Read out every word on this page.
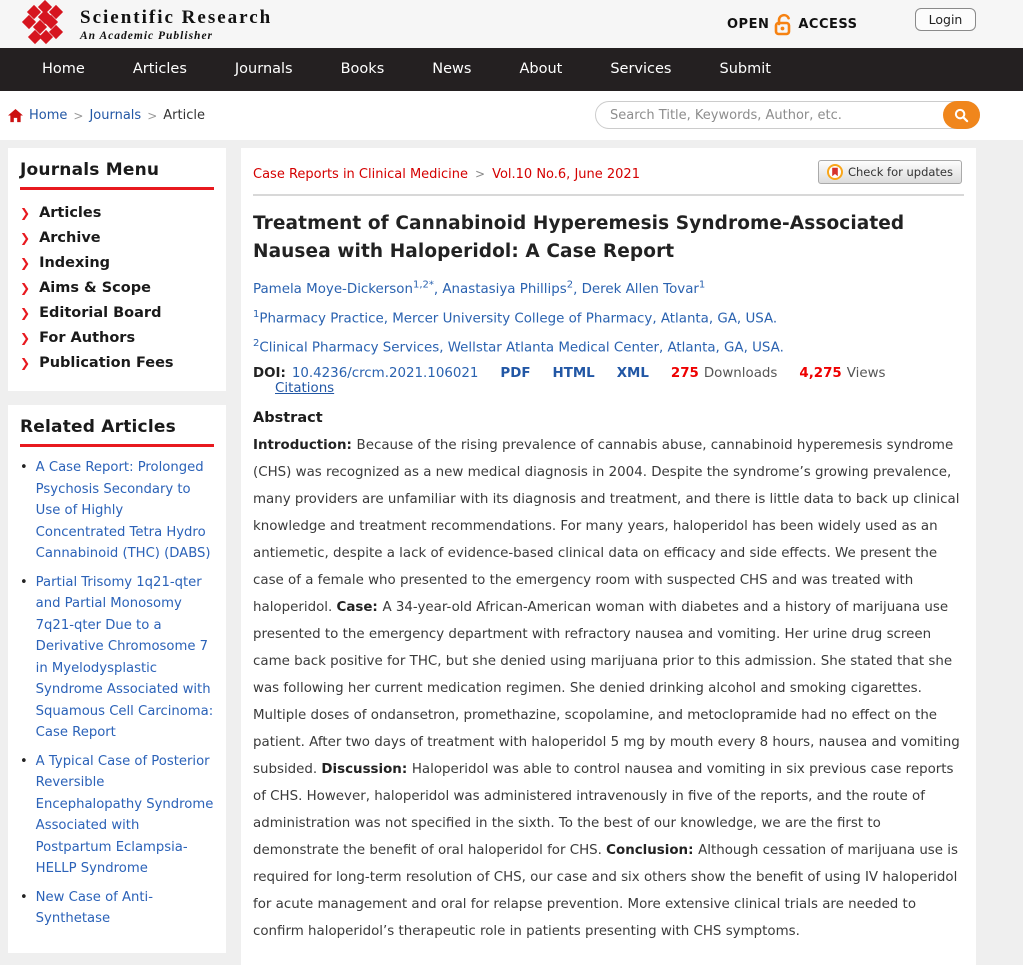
Scientific Research
An Academic Publisher
OPEN ACCESS	Login
Home	Articles	Journals	Books	News	About	Services	Submit
Home > Journals > Article
Search Title, Keywords, Author, etc.
Journals Menu
❯ Articles
❯ Archive
❯ Indexing
❯ Aims & Scope
❯ Editorial Board
❯ For Authors
❯ Publication Fees
Related Articles
• A Case Report: Prolonged Psychosis Secondary to Use of Highly Concentrated Tetra Hydro Cannabinoid (THC) (DABS)
• Partial Trisomy 1q21-qter and Partial Monosomy 7q21-qter Due to a Derivative Chromosome 7 in Myelodysplastic Syndrome Associated with Squamous Cell Carcinoma: Case Report
• A Typical Case of Posterior Reversible Encephalopathy Syndrome Associated with Postpartum Eclampsia-HELLP Syndrome
• New Case of Anti-Synthetase
Case Reports in Clinical Medicine > Vol.10 No.6, June 2021	Check for updates
Treatment of Cannabinoid Hyperemesis Syndrome-Associated Nausea with Haloperidol: A Case Report
Pamela Moye-Dickerson$^{1,2*}$, Anastasiya Phillips$^2$, Derek Allen Tovar$^1$
$^1$Pharmacy Practice, Mercer University College of Pharmacy, Atlanta, GA, USA.
$^2$Clinical Pharmacy Services, Wellstar Atlanta Medical Center, Atlanta, GA, USA.
DOI: 10.4236/crcm.2021.106021	PDF HTML XML 275 Downloads 4,275 Views
Citations
Abstract

Introduction: Because of the rising prevalence of cannabis abuse, cannabinoid hyperemesis syndrome (CHS) was recognized as a new medical diagnosis in 2004. Despite the syndrome’s growing prevalence, many providers are unfamiliar with its diagnosis and treatment, and there is little data to back up clinical knowledge and treatment recommendations. For many years, haloperidol has been widely used as an antiemetic, despite a lack of evidence-based clinical data on efficacy and side effects. We present the case of a female who presented to the emergency room with suspected CHS and was treated with haloperidol. Case: A 34-year-old African-American woman with diabetes and a history of marijuana use presented to the emergency department with refractory nausea and vomiting. Her urine drug screen came back positive for THC, but she denied using marijuana prior to this admission. She stated that she was following her current medication regimen. She denied drinking alcohol and smoking cigarettes. Multiple doses of ondansetron, promethazine, scopolamine, and metoclopramide had no effect on the patient. After two days of treatment with haloperidol 5 mg by mouth every 8 hours, nausea and vomiting subsided. Discussion: Haloperidol was able to control nausea and vomiting in six previous case reports of CHS. However, haloperidol was administered intravenously in five of the reports, and the route of administration was not specified in the sixth. To the best of our knowledge, we are the first to demonstrate the benefit of oral haloperidol for CHS. Conclusion: Although cessation of marijuana use is required for long-term resolution of CHS, our case and six others show the benefit of using IV haloperidol for acute management and oral for relapse prevention. More extensive clinical trials are needed to confirm haloperidol’s therapeutic role in patients presenting with CHS symptoms.
